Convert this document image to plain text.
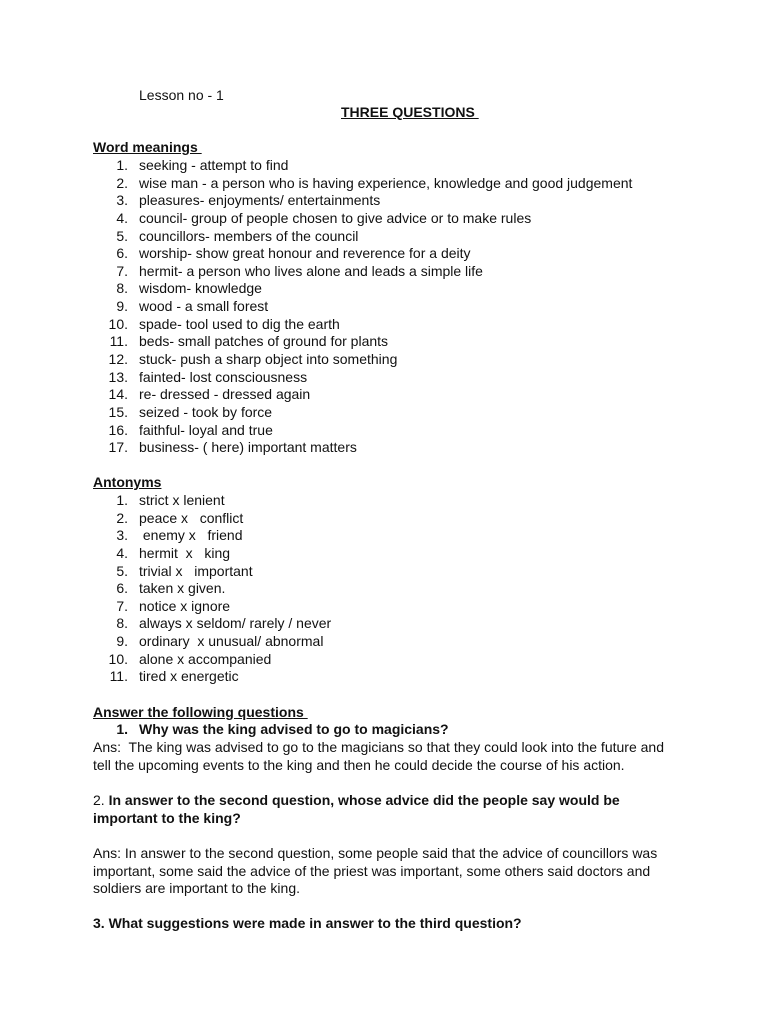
Lesson no - 1
THREE QUESTIONS
Word meanings
1. seeking - attempt to find
2. wise man - a person who is having experience, knowledge and good judgement
3. pleasures- enjoyments/ entertainments
4. council- group of people chosen to give advice or to make rules
5. councillors- members of the council
6. worship- show great honour and reverence for a deity
7. hermit- a person who lives alone and leads a simple life
8. wisdom- knowledge
9. wood - a small forest
10. spade- tool used to dig the earth
11. beds- small patches of ground for plants
12. stuck- push a sharp object into something
13. fainted- lost consciousness
14. re- dressed - dressed again
15. seized - took by force
16. faithful- loyal and true
17. business- ( here) important matters
Antonyms
1. strict x lenient
2. peace x   conflict
3. enemy x   friend
4. hermit  x   king
5. trivial x   important
6. taken x given.
7. notice x ignore
8. always x seldom/ rarely / never
9. ordinary  x unusual/ abnormal
10. alone x accompanied
11. tired x energetic
Answer the following questions
1. Why was the king advised to go to magicians?
Ans:  The king was advised to go to the magicians so that they could look into the future and
tell the upcoming events to the king and then he could decide the course of his action.
2. In answer to the second question, whose advice did the people say would be
important to the king?
Ans: In answer to the second question, some people said that the advice of councillors was
important, some said the advice of the priest was important, some others said doctors and
soldiers are important to the king.
3. What suggestions were made in answer to the third question?
